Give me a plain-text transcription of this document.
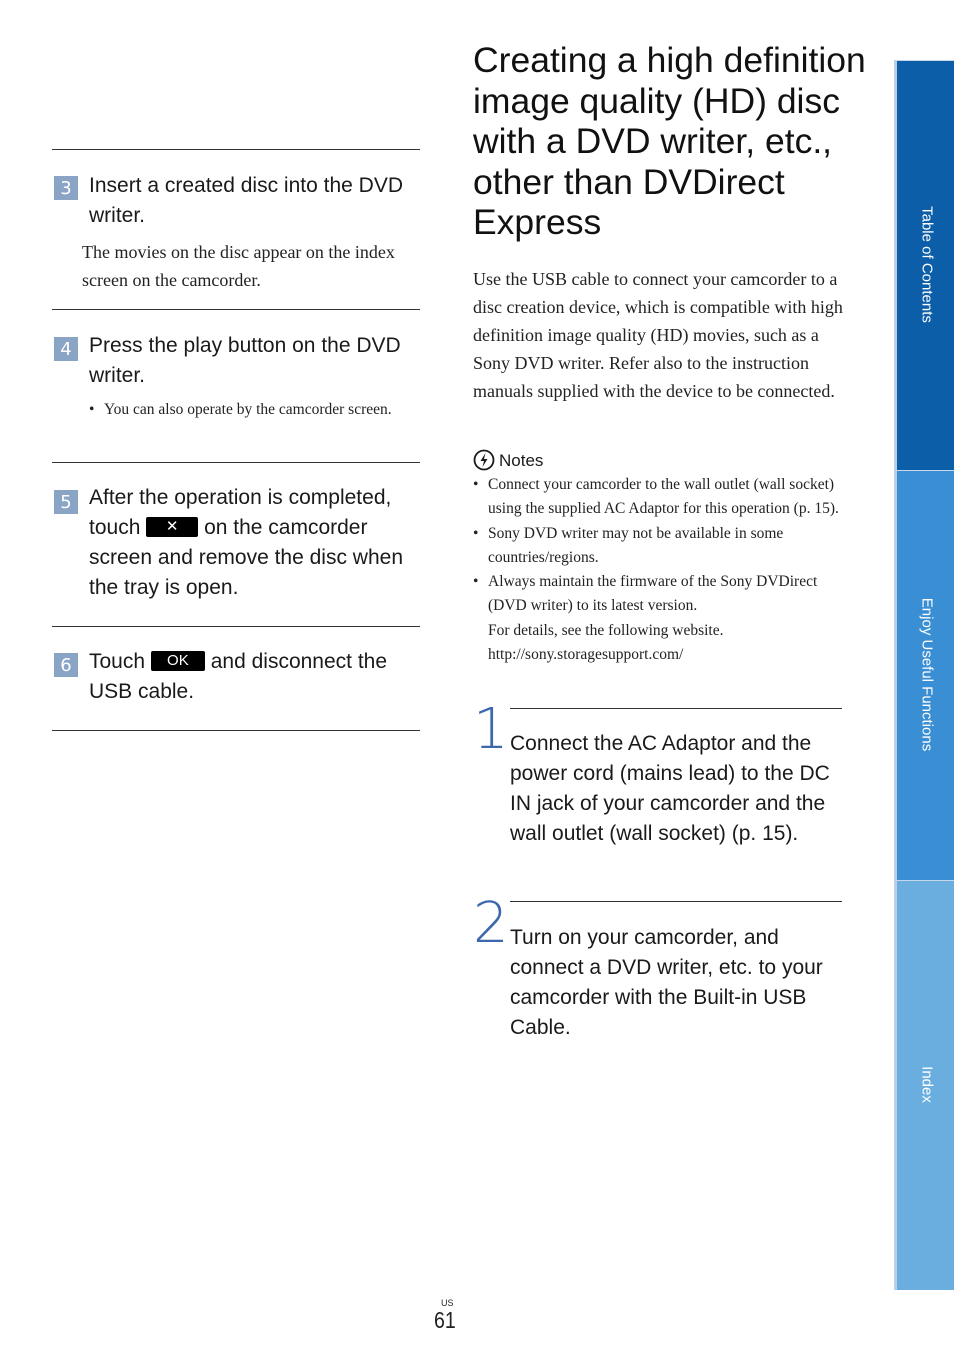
3 Insert a created disc into the DVD writer.
The movies on the disc appear on the index screen on the camcorder.
4 Press the play button on the DVD writer.
• You can also operate by the camcorder screen.
5 After the operation is completed, touch ✕ on the camcorder screen and remove the disc when the tray is open.
6 Touch OK and disconnect the USB cable.
Creating a high definition image quality (HD) disc with a DVD writer, etc., other than DVDirect Express
Use the USB cable to connect your camcorder to a disc creation device, which is compatible with high definition image quality (HD) movies, such as a Sony DVD writer. Refer also to the instruction manuals supplied with the device to be connected.
Notes
• Connect your camcorder to the wall outlet (wall socket) using the supplied AC Adaptor for this operation (p. 15).
• Sony DVD writer may not be available in some countries/regions.
• Always maintain the firmware of the Sony DVDirect (DVD writer) to its latest version.
For details, see the following website.
http://sony.storagesupport.com/
1 Connect the AC Adaptor and the power cord (mains lead) to the DC IN jack of your camcorder and the wall outlet (wall socket) (p. 15).
2 Turn on your camcorder, and connect a DVD writer, etc. to your camcorder with the Built-in USB Cable.
Table of Contents
Enjoy Useful Functions
Index
US
61
